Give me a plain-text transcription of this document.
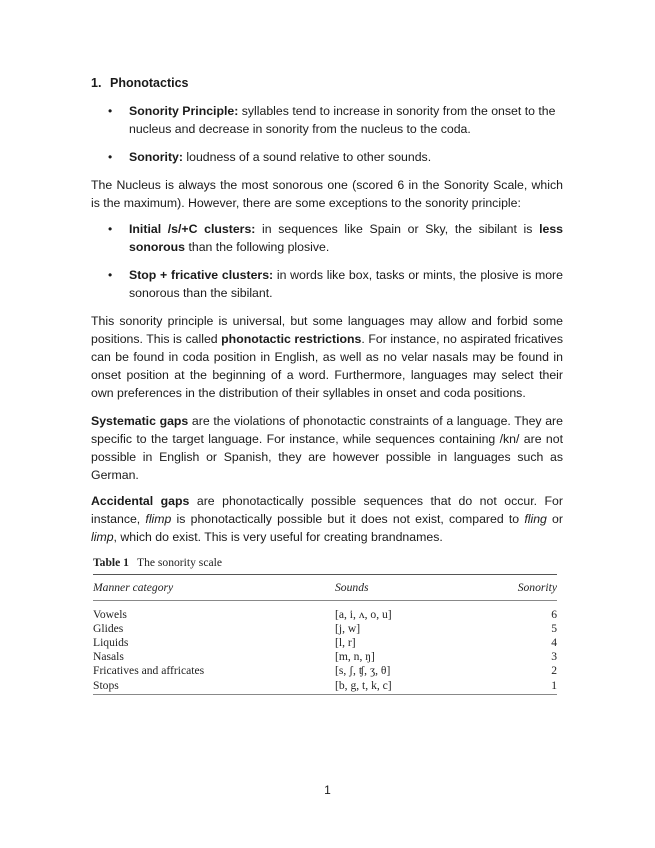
1. Phonotactics
• Sonority Principle: syllables tend to increase in sonority from the onset to the nucleus and decrease in sonority from the nucleus to the coda.
• Sonority: loudness of a sound relative to other sounds.
The Nucleus is always the most sonorous one (scored 6 in the Sonority Scale, which is the maximum). However, there are some exceptions to the sonority principle:
• Initial /s/+C clusters: in sequences like Spain or Sky, the sibilant is less sonorous than the following plosive.
• Stop + fricative clusters: in words like box, tasks or mints, the plosive is more sonorous than the sibilant.
This sonority principle is universal, but some languages may allow and forbid some positions. This is called phonotactic restrictions. For instance, no aspirated fricatives can be found in coda position in English, as well as no velar nasals may be found in onset position at the beginning of a word. Furthermore, languages may select their own preferences in the distribution of their syllables in onset and coda positions.
Systematic gaps are the violations of phonotactic constraints of a language. They are specific to the target language. For instance, while sequences containing /kn/ are not possible in English or Spanish, they are however possible in languages such as German.
Accidental gaps are phonotactically possible sequences that do not occur. For instance, flimp is phonotactically possible but it does not exist, compared to fling or limp, which do exist. This is very useful for creating brandnames.
Table 1 The sonority scale
Manner category	Sounds	Sonority
Vowels	[a, i, ʌ, o, u]	6
Glides	[j, w]	5
Liquids	[l, r]	4
Nasals	[m, n, ŋ]	3
Fricatives and affricates	[s, ʃ, ʧ, ʒ, θ]	2
Stops	[b, g, t, k, c]	1
1
